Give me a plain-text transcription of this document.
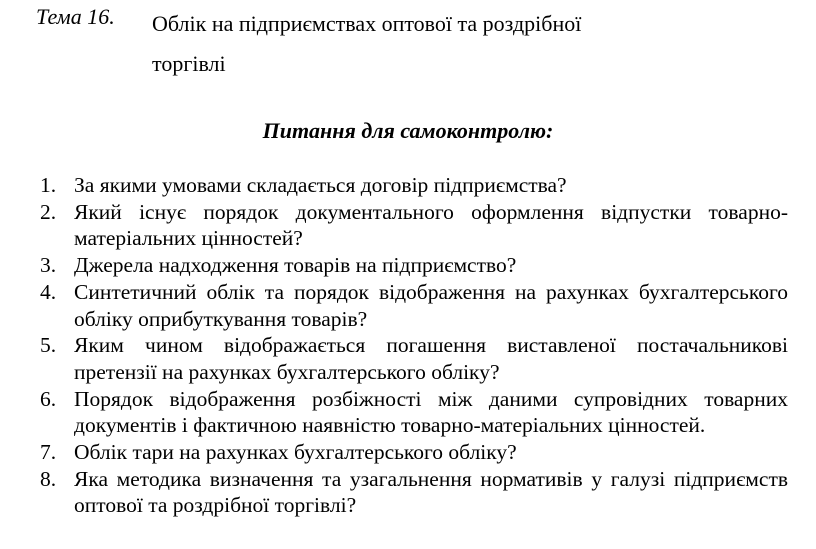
Тема 16. Облік на підприємствах оптової та роздрібної
торгівлі

Питання для самоконтролю:

1. За якими умовами складається договір підприємства?
2. Який існує порядок документального оформлення відпустки товарно-матеріальних цінностей?
3. Джерела надходження товарів на підприємство?
4. Синтетичний облік та порядок відображення на рахунках бухгалтерського обліку оприбуткування товарів?
5. Яким чином відображається погашення виставленої постачальникові претензії на рахунках бухгалтерського обліку?
6. Порядок відображення розбіжності між даними супровідних товарних документів і фактичною наявністю товарно-матеріальних цінностей.
7. Облік тари на рахунках бухгалтерського обліку?
8. Яка методика визначення та узагальнення нормативів у галузі підприємств оптової та роздрібної торгівлі?
